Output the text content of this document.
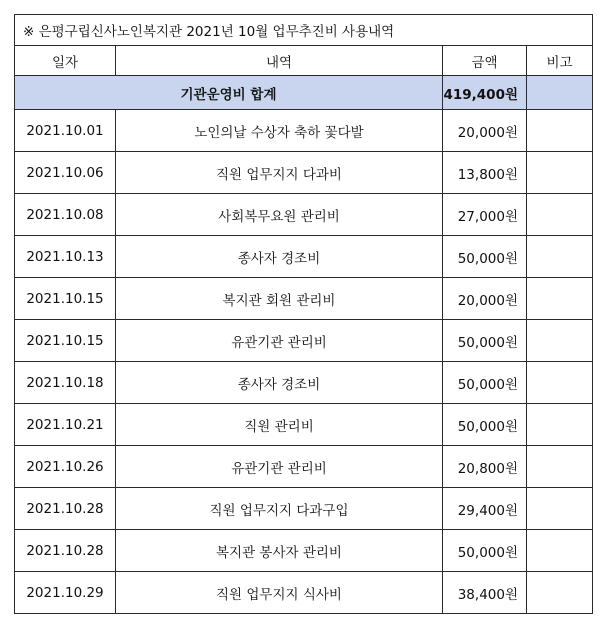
※ 은평구립신사노인복지관 2021년 10월 업무추진비 사용내역			
일자	내역	금액	비고
기관운영비 합계		419,400원	
2021.10.01	노인의날 수상자 축하 꽃다발	20,000원	
2021.10.06	직원 업무지지 다과비	13,800원	
2021.10.08	사회복무요원 관리비	27,000원	
2021.10.13	종사자 경조비	50,000원	
2021.10.15	복지관 회원 관리비	20,000원	
2021.10.15	유관기관 관리비	50,000원	
2021.10.18	종사자 경조비	50,000원	
2021.10.21	직원 관리비	50,000원	
2021.10.26	유관기관 관리비	20,800원	
2021.10.28	직원 업무지지 다과구입	29,400원	
2021.10.28	복지관 봉사자 관리비	50,000원	
2021.10.29	직원 업무지지 식사비	38,400원	
